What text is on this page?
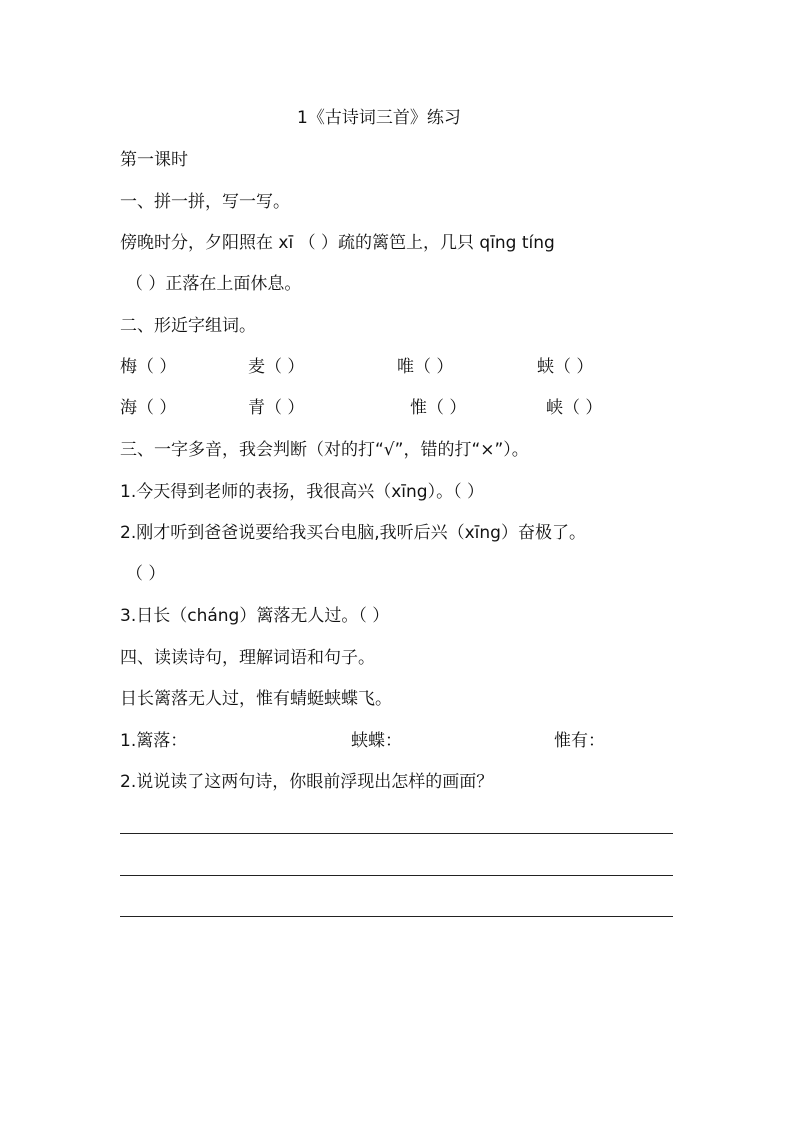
1《古诗词三首》练习
第一课时
一、拼一拼，写一写。
傍晚时分，夕阳照在 xī （ ）疏的篱笆上，几只 qīng tíng
（ ）正落在上面休息。
二、形近字组词。
梅（ ）	麦（ ）	唯（ ）	蛱（ ）
海（ ）	青（ ）	惟（ ）	峡（ ）
三、一字多音，我会判断（对的打“√”，错的打“×”）。
1.今天得到老师的表扬，我很高兴（xīng）。（ ）
2.刚才听到爸爸说要给我买台电脑,我听后兴（xīng）奋极了。
（ ）
3.日长（cháng）篱落无人过。（ ）
四、读读诗句，理解词语和句子。
日长篱落无人过，惟有蜻蜓蛱蝶飞。
1.篱落：	蛱蝶：	惟有：
2.说说读了这两句诗，你眼前浮现出怎样的画面？
